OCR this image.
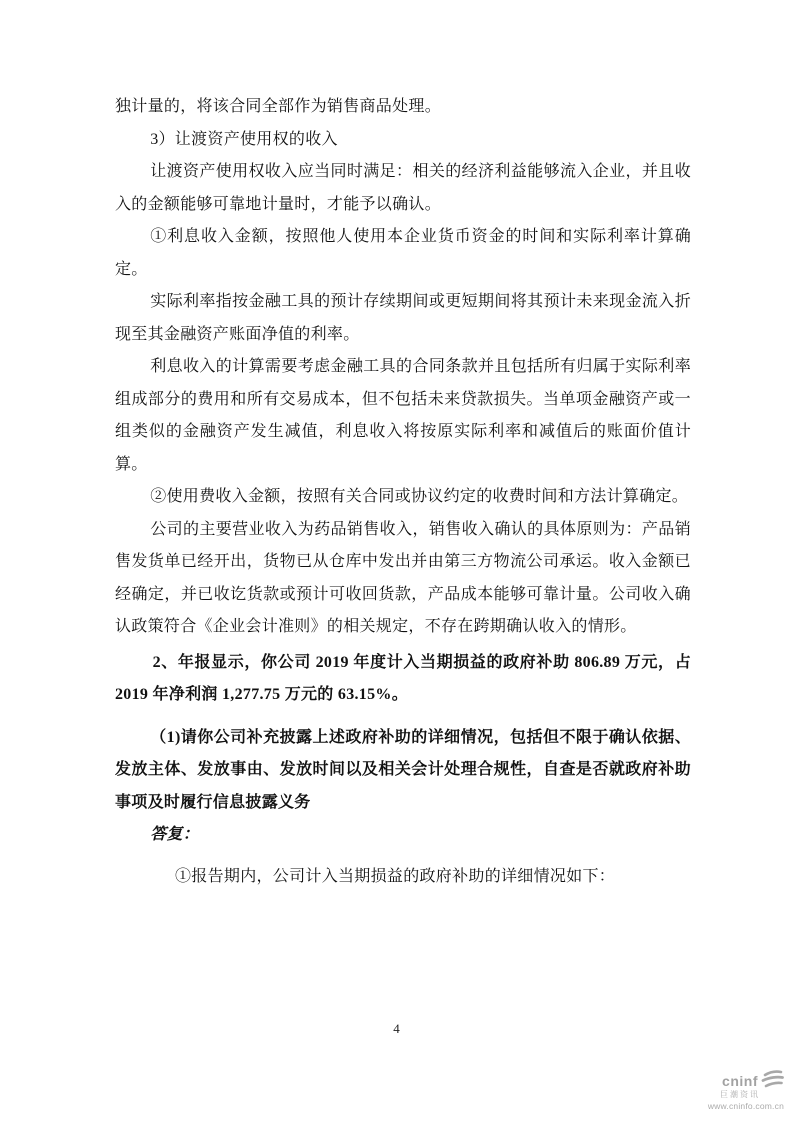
独计量的，将该合同全部作为销售商品处理。

3）让渡资产使用权的收入

让渡资产使用权收入应当同时满足：相关的经济利益能够流入企业，并且收入的金额能够可靠地计量时，才能予以确认。

①利息收入金额，按照他人使用本企业货币资金的时间和实际利率计算确定。

实际利率指按金融工具的预计存续期间或更短期间将其预计未来现金流入折现至其金融资产账面净值的利率。

利息收入的计算需要考虑金融工具的合同条款并且包括所有归属于实际利率组成部分的费用和所有交易成本，但不包括未来贷款损失。当单项金融资产或一组类似的金融资产发生减值，利息收入将按原实际利率和减值后的账面价值计算。

②使用费收入金额，按照有关合同或协议约定的收费时间和方法计算确定。

公司的主要营业收入为药品销售收入，销售收入确认的具体原则为：产品销售发货单已经开出，货物已从仓库中发出并由第三方物流公司承运。收入金额已经确定，并已收讫货款或预计可收回货款，产品成本能够可靠计量。公司收入确认政策符合《企业会计准则》的相关规定，不存在跨期确认收入的情形。

2、年报显示，你公司 2019 年度计入当期损益的政府补助 806.89 万元，占 2019 年净利润 1,277.75 万元的 63.15%。

（1)请你公司补充披露上述政府补助的详细情况，包括但不限于确认依据、发放主体、发放事由、发放时间以及相关会计处理合规性，自查是否就政府补助事项及时履行信息披露义务

答复：

①报告期内，公司计入当期损益的政府补助的详细情况如下：

4
cninf
巨潮资讯
www.cninfo.com.cn
